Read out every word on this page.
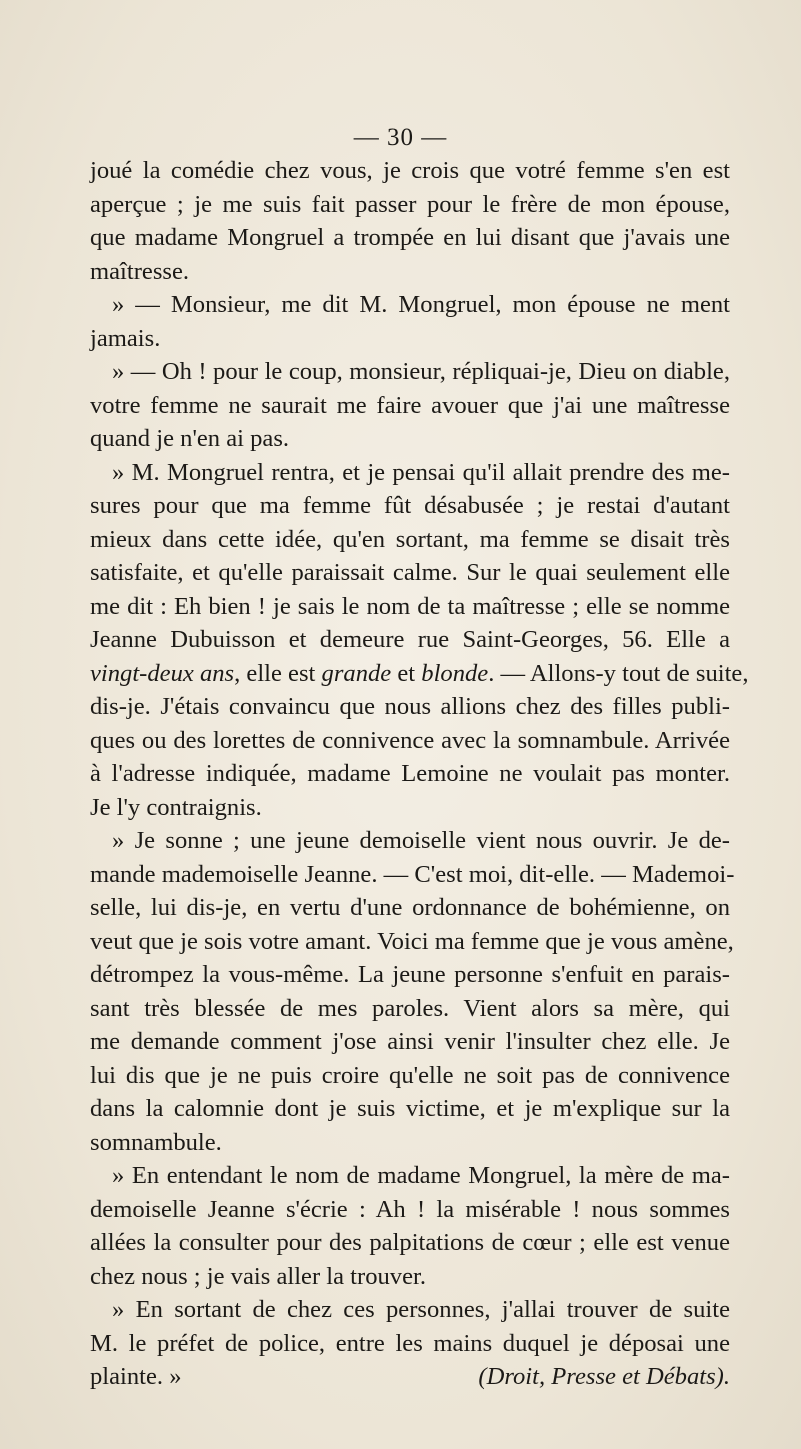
— 30 —
joué la comédie chez vous, je crois que votré femme s'en est
aperçue ; je me suis fait passer pour le frère de mon épouse,
que madame Mongruel a trompée en lui disant que j'avais une
maîtresse.
» — Monsieur, me dit M. Mongruel, mon épouse ne ment
jamais.
» — Oh ! pour le coup, monsieur, répliquai-je, Dieu on diable,
votre femme ne saurait me faire avouer que j'ai une maîtresse
quand je n'en ai pas.
» M. Mongruel rentra, et je pensai qu'il allait prendre des me-
sures pour que ma femme fût désabusée ; je restai d'autant
mieux dans cette idée, qu'en sortant, ma femme se disait très
satisfaite, et qu'elle paraissait calme. Sur le quai seulement elle
me dit : Eh bien ! je sais le nom de ta maîtresse ; elle se nomme
Jeanne Dubuisson et demeure rue Saint-Georges, 56. Elle a
vingt-deux ans, elle est grande et blonde. — Allons-y tout de suite,
dis-je. J'étais convaincu que nous allions chez des filles publi-
ques ou des lorettes de connivence avec la somnambule. Arrivée
à l'adresse indiquée, madame Lemoine ne voulait pas monter.
Je l'y contraignis.
» Je sonne ; une jeune demoiselle vient nous ouvrir. Je de-
mande mademoiselle Jeanne. — C'est moi, dit-elle. — Mademoi-
selle, lui dis-je, en vertu d'une ordonnance de bohémienne, on
veut que je sois votre amant. Voici ma femme que je vous amène,
détrompez la vous-même. La jeune personne s'enfuit en parais-
sant très blessée de mes paroles. Vient alors sa mère, qui
me demande comment j'ose ainsi venir l'insulter chez elle. Je
lui dis que je ne puis croire qu'elle ne soit pas de connivence
dans la calomnie dont je suis victime, et je m'explique sur la
somnambule.
» En entendant le nom de madame Mongruel, la mère de ma-
demoiselle Jeanne s'écrie : Ah ! la misérable ! nous sommes
allées la consulter pour des palpitations de cœur ; elle est venue
chez nous ; je vais aller la trouver.
» En sortant de chez ces personnes, j'allai trouver de suite
M. le préfet de police, entre les mains duquel je déposai une
plainte. »	(Droit, Presse et Débats).
